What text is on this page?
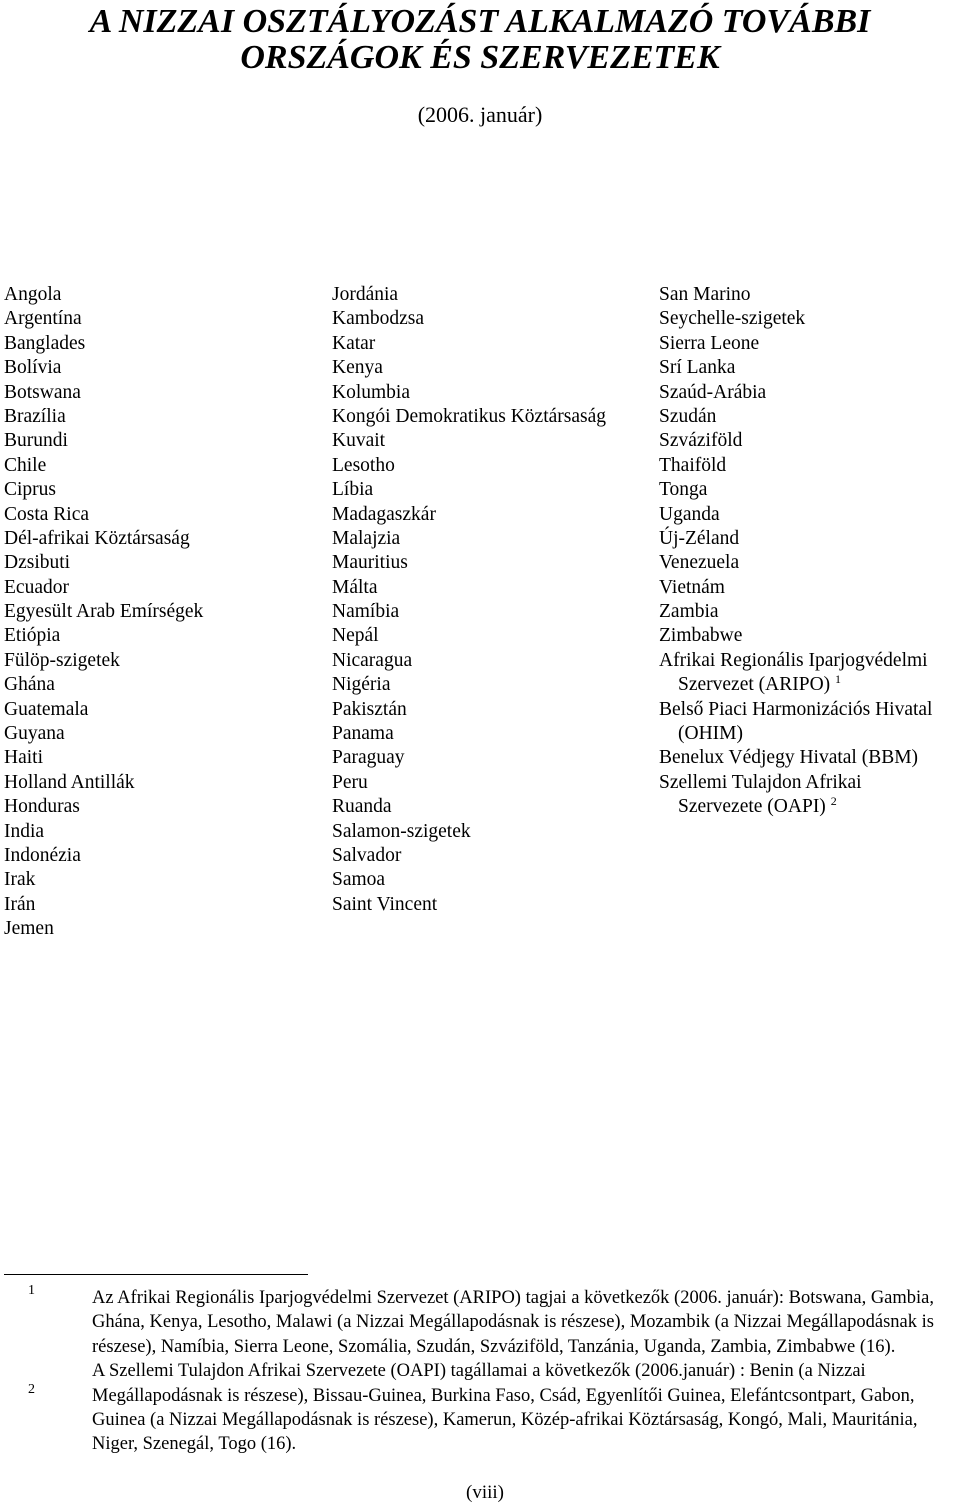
A NIZZAI OSZTÁLYOZÁST ALKALMAZÓ TOVÁBBI
ORSZÁGOK ÉS SZERVEZETEK
(2006. január)
Angola
Argentína
Banglades
Bolívia
Botswana
Brazília
Burundi
Chile
Ciprus
Costa Rica
Dél-afrikai Köztársaság
Dzsibuti
Ecuador
Egyesült Arab Emírségek
Etiópia
Fülöp-szigetek
Ghána
Guatemala
Guyana
Haiti
Holland Antillák
Honduras
India
Indonézia
Irak
Irán
Jemen
Jordánia
Kambodzsa
Katar
Kenya
Kolumbia
Kongói Demokratikus Köztársaság
Kuvait
Lesotho
Líbia
Madagaszkár
Malajzia
Mauritius
Málta
Namíbia
Nepál
Nicaragua
Nigéria
Pakisztán
Panama
Paraguay
Peru
Ruanda
Salamon-szigetek
Salvador
Samoa
Saint Vincent
San Marino
Seychelle-szigetek
Sierra Leone
Srí Lanka
Szaúd-Arábia
Szudán
Szváziföld
Thaiföld
Tonga
Uganda
Új-Zéland
Venezuela
Vietnám
Zambia
Zimbabwe
Afrikai Regionális Iparjogvédelmi
Szervezet (ARIPO) $^1$
Belső Piaci Harmonizációs Hivatal
(OHIM)
Benelux Védjegy Hivatal (BBM)
Szellemi Tulajdon Afrikai
Szervezete (OAPI) $^2$
1
2

Az Afrikai Regionális Iparjogvédelmi Szervezet (ARIPO) tagjai a következők (2006. január): Botswana, Gambia, Ghána, Kenya, Lesotho, Malawi (a Nizzai Megállapodásnak is részese), Mozambik (a Nizzai Megállapodásnak is részese), Namíbia, Sierra Leone, Szomália, Szudán, Szváziföld, Tanzánia, Uganda, Zambia, Zimbabwe (16).

A Szellemi Tulajdon Afrikai Szervezete (OAPI) tagállamai a következők (2006.január) : Benin (a Nizzai Megállapodásnak is részese), Bissau-Guinea, Burkina Faso, Csád, Egyenlítői Guinea, Elefántcsontpart, Gabon, Guinea (a Nizzai Megállapodásnak is részese), Kamerun, Közép-afrikai Köztársaság, Kongó, Mali, Mauritánia, Niger, Szenegál, Togo (16).

(viii)
